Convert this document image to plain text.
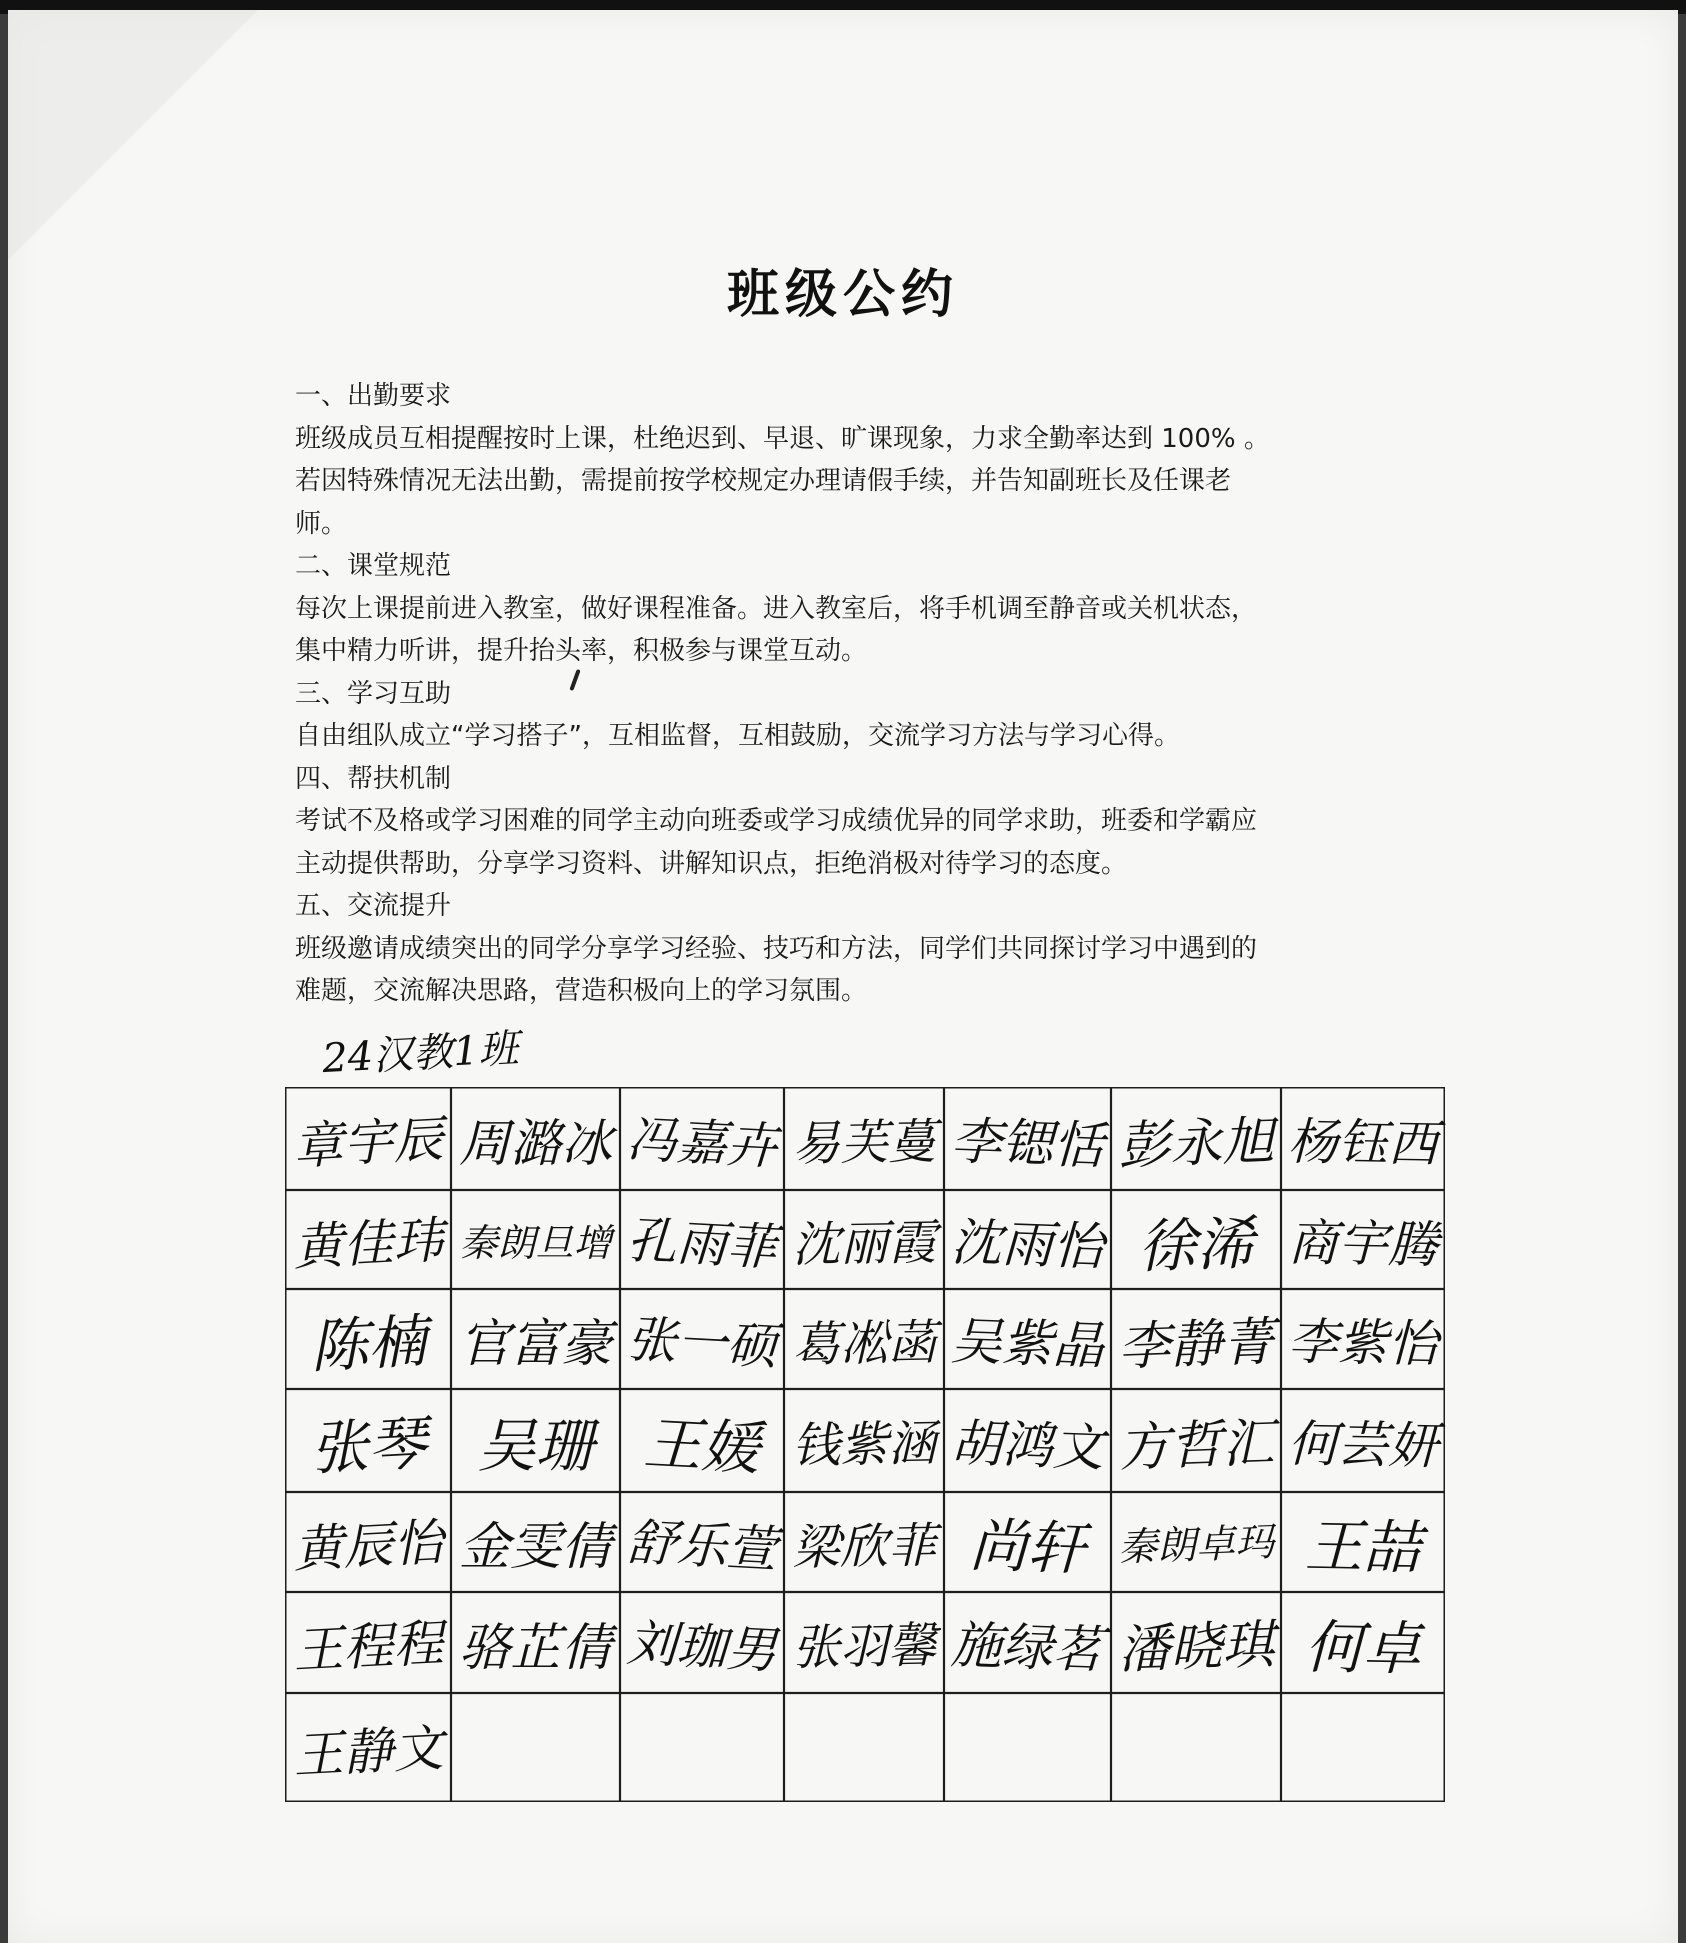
班级公约

一、出勤要求

班级成员互相提醒按时上课，杜绝迟到、早退、旷课现象，力求全勤率达到 100% 。

若因特殊情况无法出勤，需提前按学校规定办理请假手续，并告知副班长及任课老

师。

二、课堂规范

每次上课提前进入教室，做好课程准备。进入教室后，将手机调至静音或关机状态，

集中精力听讲，提升抬头率，积极参与课堂互动。

三、学习互助

自由组队成立“学习搭子”，互相监督，互相鼓励，交流学习方法与学习心得。

四、帮扶机制

考试不及格或学习困难的同学主动向班委或学习成绩优异的同学求助，班委和学霸应

主动提供帮助，分享学习资料、讲解知识点，拒绝消极对待学习的态度。

五、交流提升

班级邀请成绩突出的同学分享学习经验、技巧和方法，同学们共同探讨学习中遇到的

难题，交流解决思路，营造积极向上的学习氛围。

24汉教1班
章宇辰 周潞冰 冯嘉卉 易芙蔓 李锶恬 彭永旭 杨钰西
黄佳玮 秦朗旦增 孔雨菲 沈丽霞 沈雨怡 徐浠 商宇腾
陈楠 官富豪 张一硕 葛凇菡 吴紫晶 李静菁 李紫怡
张琴 吴珊 王媛 钱紫涵 胡鸿文 方哲汇 何芸妍
黄辰怡 金雯倩 舒乐萱 梁欣菲 尚轩 秦朗卓玛 王喆
王程程 骆芷倩 刘珈男 张羽馨 施绿茗 潘晓琪 何卓
王静文
